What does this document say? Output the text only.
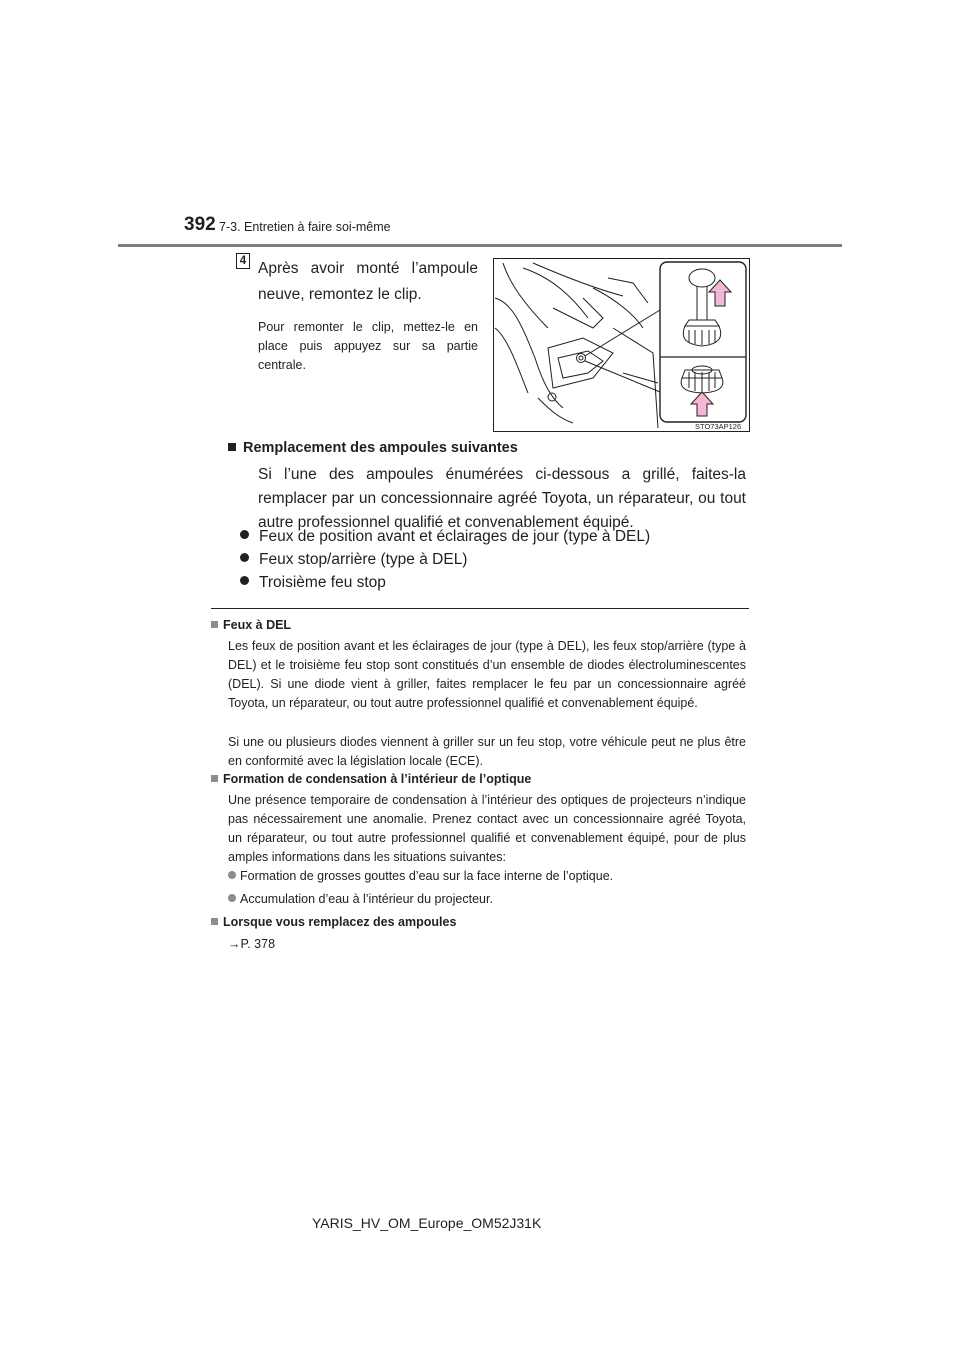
392 7-3. Entretien à faire soi-même
4 Après avoir monté l’ampoule
neuve, remontez le clip.
Pour remonter le clip, mettez-le en place puis appuyez sur sa partie centrale.
STO73AP126
Remplacement des ampoules suivantes
Si l’une des ampoules énumérées ci-dessous a grillé, faites-la remplacer par un concessionnaire agréé Toyota, un réparateur, ou tout autre professionnel qualifié et convenablement équipé.
Feux de position avant et éclairages de jour (type à DEL)
Feux stop/arrière (type à DEL)
Troisième feu stop
Feux à DEL
Les feux de position avant et les éclairages de jour (type à DEL), les feux stop/arrière (type à DEL) et le troisième feu stop sont constitués d’un ensemble de diodes électroluminescentes (DEL). Si une diode vient à griller, faites remplacer le feu par un concessionnaire agréé Toyota, un réparateur, ou tout autre professionnel qualifié et convenablement équipé.
Si une ou plusieurs diodes viennent à griller sur un feu stop, votre véhicule peut ne plus être en conformité avec la législation locale (ECE).
Formation de condensation à l’intérieur de l’optique
Une présence temporaire de condensation à l’intérieur des optiques de projecteurs n’indique pas nécessairement une anomalie. Prenez contact avec un concessionnaire agréé Toyota, un réparateur, ou tout autre professionnel qualifié et convenablement équipé, pour de plus amples informations dans les situations suivantes:
Formation de grosses gouttes d’eau sur la face interne de l’optique.
Accumulation d’eau à l’intérieur du projecteur.
Lorsque vous remplacez des ampoules
→P. 378
YARIS_HV_OM_Europe_OM52J31K
